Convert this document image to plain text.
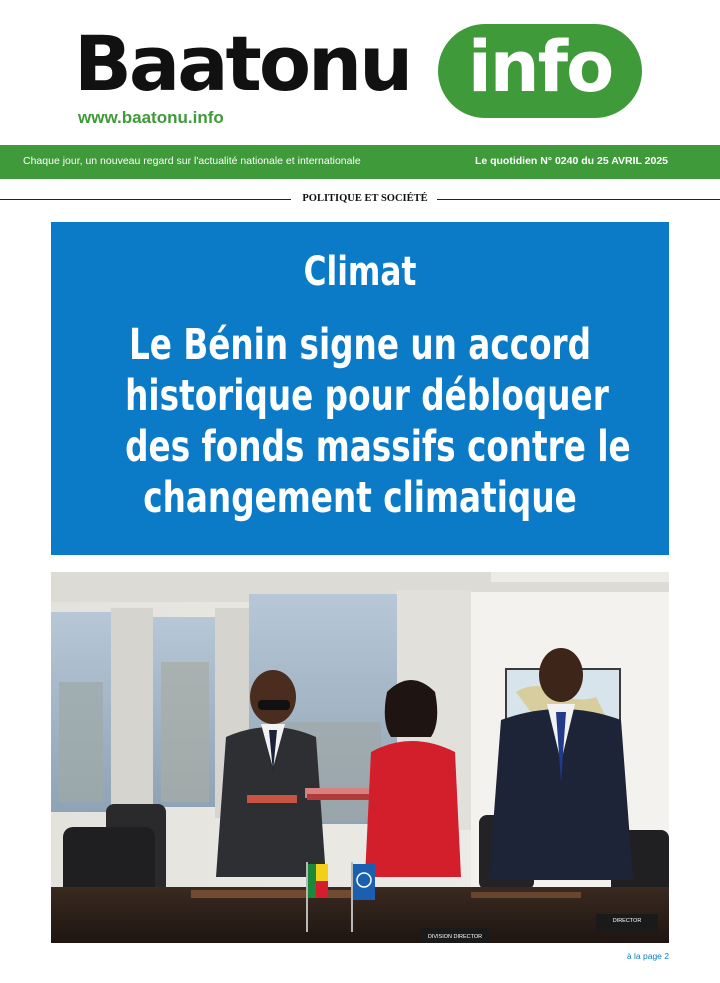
Baatonu info
www.baatonu.info
Chaque jour, un nouveau regard sur l'actualité nationale et internationale	Le quotidien N° 0240 du 25 AVRIL 2025
POLITIQUE ET SOCIÉTÉ
Climat
Le Bénin signe un accord
historique pour débloquer
des fonds massifs contre le
changement climatique
DIVISION DIRECTOR
DIRECTOR
à la page 2
